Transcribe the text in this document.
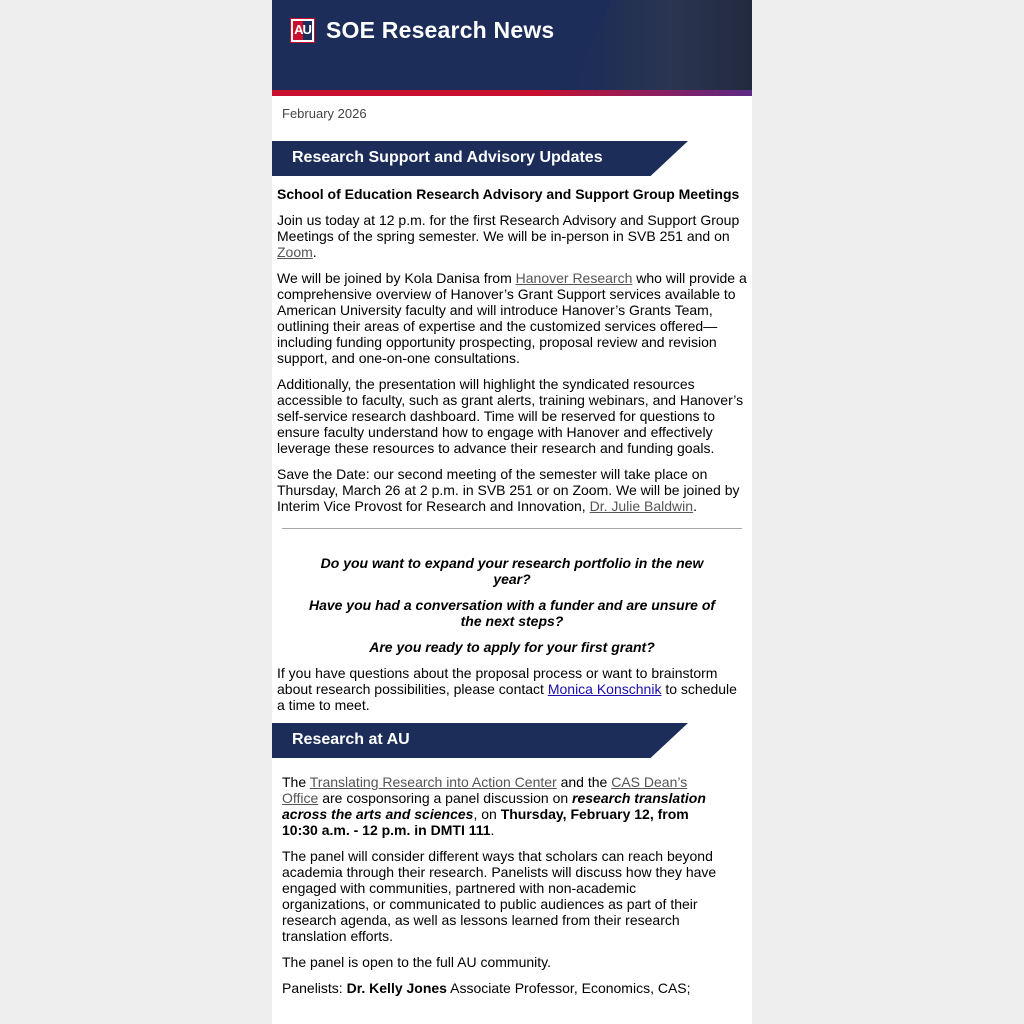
AU SOE Research News
February 2026
Research Support and Advisory Updates
School of Education Research Advisory and Support Group Meetings

Join us today at 12 p.m. for the first Research Advisory and Support Group Meetings of the spring semester. We will be in-person in SVB 251 and on Zoom.

We will be joined by Kola Danisa from Hanover Research who will provide a comprehensive overview of Hanover’s Grant Support services available to American University faculty and will introduce Hanover’s Grants Team, outlining their areas of expertise and the customized services offered—including funding opportunity prospecting, proposal review and revision support, and one-on-one consultations.

Additionally, the presentation will highlight the syndicated resources accessible to faculty, such as grant alerts, training webinars, and Hanover’s self-service research dashboard. Time will be reserved for questions to ensure faculty understand how to engage with Hanover and effectively leverage these resources to advance their research and funding goals.

Save the Date: our second meeting of the semester will take place on Thursday, March 26 at 2 p.m. in SVB 251 or on Zoom. We will be joined by Interim Vice Provost for Research and Innovation, Dr. Julie Baldwin.

Do you want to expand your research portfolio in the new year?

Have you had a conversation with a funder and are unsure of the next steps?

Are you ready to apply for your first grant?

If you have questions about the proposal process or want to brainstorm about research possibilities, please contact Monica Konschnik to schedule a time to meet.

Research at AU

The Translating Research into Action Center and the CAS Dean’s Office are cosponsoring a panel discussion on research translation across the arts and sciences, on Thursday, February 12, from 10:30 a.m. - 12 p.m. in DMTI 111.

The panel will consider different ways that scholars can reach beyond academia through their research. Panelists will discuss how they have engaged with communities, partnered with non-academic organizations, or communicated to public audiences as part of their research agenda, as well as lessons learned from their research translation efforts.

The panel is open to the full AU community.

Panelists: Dr. Kelly Jones Associate Professor, Economics, CAS;
